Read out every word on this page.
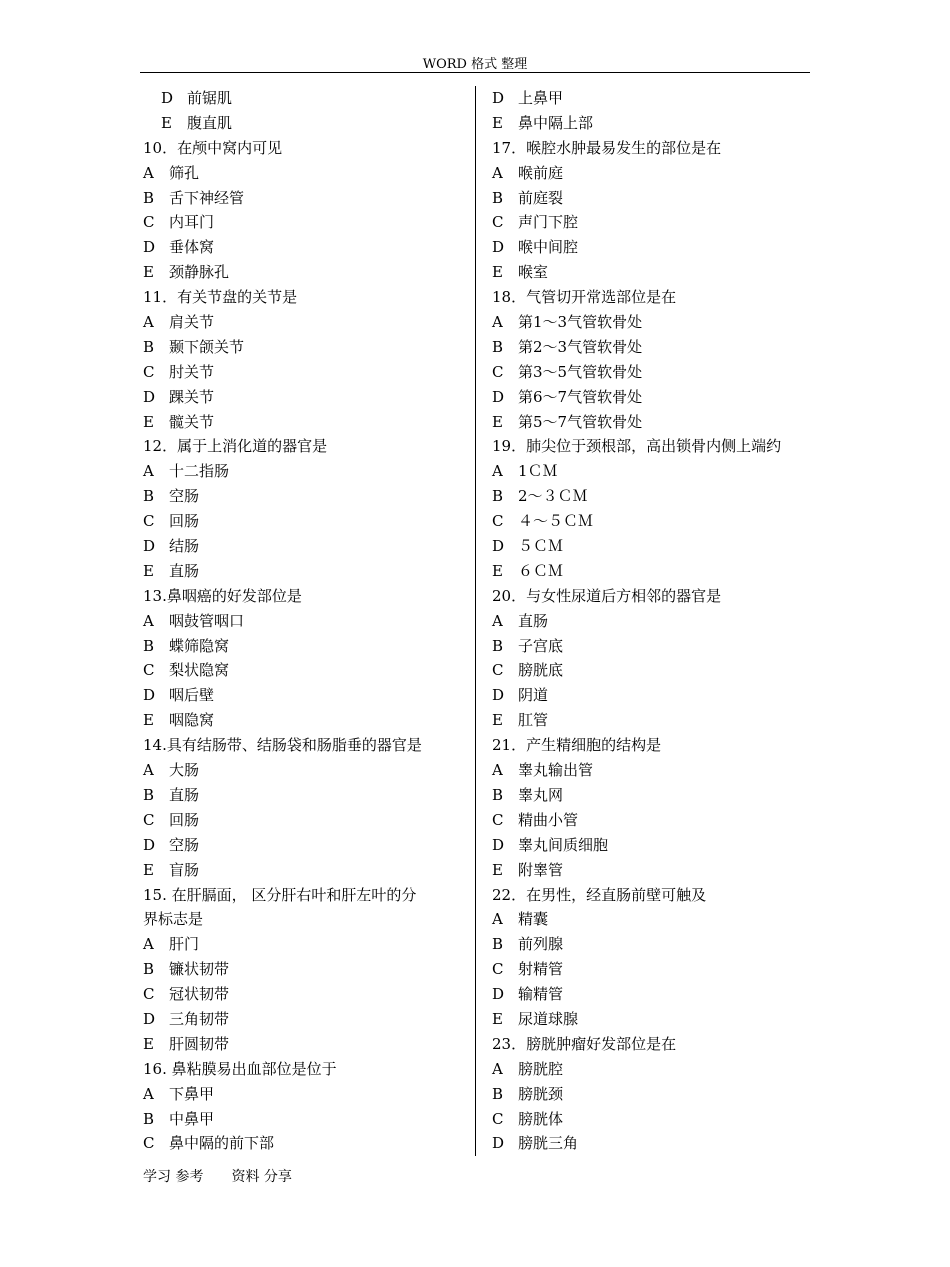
WORD 格式 整理
D 前锯肌
E 腹直肌
10．在颅中窝内可见
A 筛孔
B 舌下神经管
C 内耳门
D 垂体窝
E 颈静脉孔
11．有关节盘的关节是
A 肩关节
B 颞下颌关节
C 肘关节
D 踝关节
E 髋关节
12．属于上消化道的器官是
A 十二指肠
B 空肠
C 回肠
D 结肠
E 直肠
13.鼻咽癌的好发部位是
A 咽鼓管咽口
B 蝶筛隐窝
C 梨状隐窝
D 咽后壁
E 咽隐窝
14.具有结肠带、结肠袋和肠脂垂的器官是
A 大肠
B 直肠
C 回肠
D 空肠
E 盲肠
15. 在肝膈面， 区分肝右叶和肝左叶的分
界标志是
A 肝门
B 镰状韧带
C 冠状韧带
D 三角韧带
E 肝圆韧带
16. 鼻粘膜易出血部位是位于
A 下鼻甲
B 中鼻甲
C 鼻中隔的前下部
D 上鼻甲
E 鼻中隔上部
17．喉腔水肿最易发生的部位是在
A 喉前庭
B 前庭裂
C 声门下腔
D 喉中间腔
E 喉室
18．气管切开常选部位是在
A 第1～3气管软骨处
B 第2～3气管软骨处
C 第3～5气管软骨处
D 第6～7气管软骨处
E 第5～7气管软骨处
19．肺尖位于颈根部，高出锁骨内侧上端约
A 1ＣＭ
B 2～３ＣＭ
C ４～５ＣＭ
D ５ＣＭ
E ６ＣＭ
20．与女性尿道后方相邻的器官是
A 直肠
B 子宫底
C 膀胱底
D 阴道
E 肛管
21．产生精细胞的结构是
A 睾丸输出管
B 睾丸网
C 精曲小管
D 睾丸间质细胞
E 附睾管
22．在男性，经直肠前壁可触及
A 精囊
B 前列腺
C 射精管
D 输精管
E 尿道球腺
23．膀胱肿瘤好发部位是在
A 膀胱腔
B 膀胱颈
C 膀胱体
D 膀胱三角
学习 参考　　资料 分享
